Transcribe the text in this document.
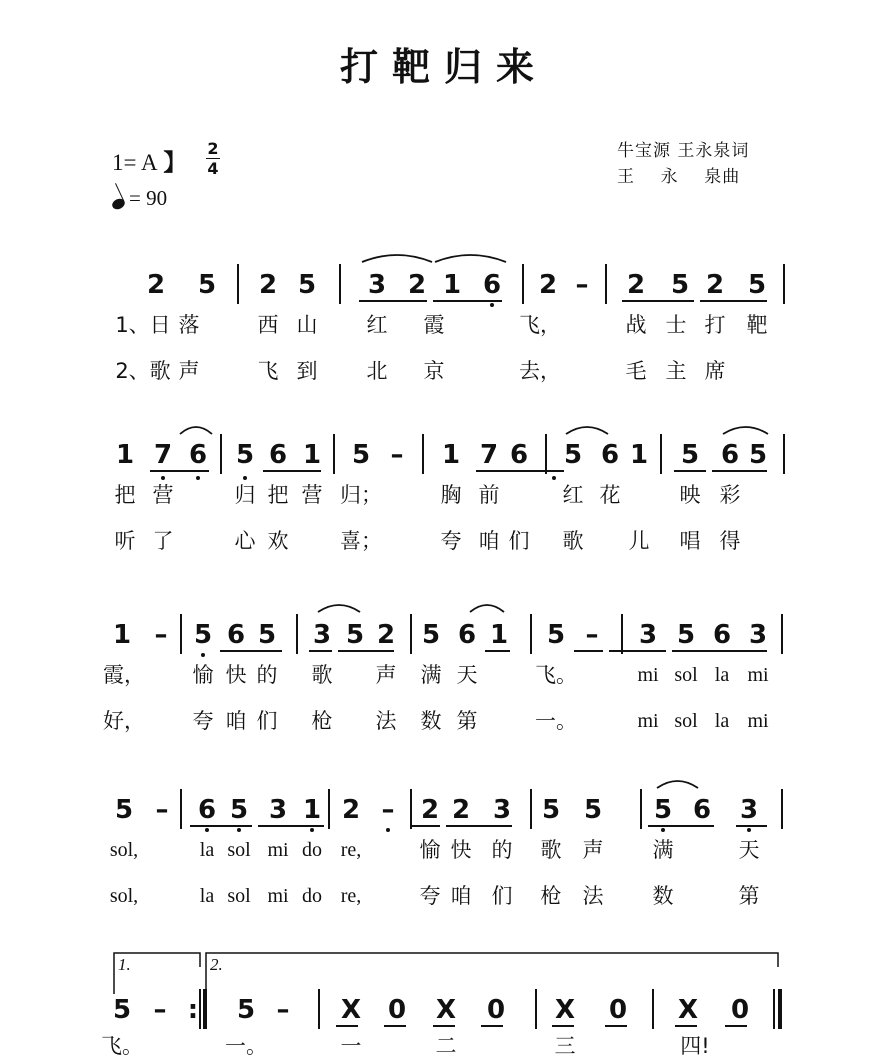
打靶归来
1= A 】
2
4
= 90
牛宝源 王永泉词
王    永    泉曲
2 5 2 5 3 2 1 6 2 – 2 5 2 5
1、日 落	西 山 红 霞	飞，	战 士 打 靶
2、歌 声	飞 到 北 京	去，	毛 主 席
1 7 6 5 6 1 5 – 1 7 6 5 6 1 5 6 5
把 营	归 把 营 归；	胸 前	红 花	映 彩
听 了	心 欢 喜；	夸 咱 们 歌 儿 唱 得
1 – 5 6 5 3 5 2 5 6 1 5 – 3 5 6 3
霞， 愉 快 的 歌 声 满 天	飞。	mi sol la mi
好， 夸 咱 们 枪 法 数 第	一。	mi sol la mi
5 – 6 5 3 1 2 – 2 2 3 5 5 5 6 3
sol,	la sol mi do re,	愉 快 的 歌 声 满	天
sol,	la sol mi do re,	夸 咱 们 枪 法 数	第
5 – : 5 – X 0 X 0 X 0 X 0
飞。	一。	一	二	三	四!
1.	2.
